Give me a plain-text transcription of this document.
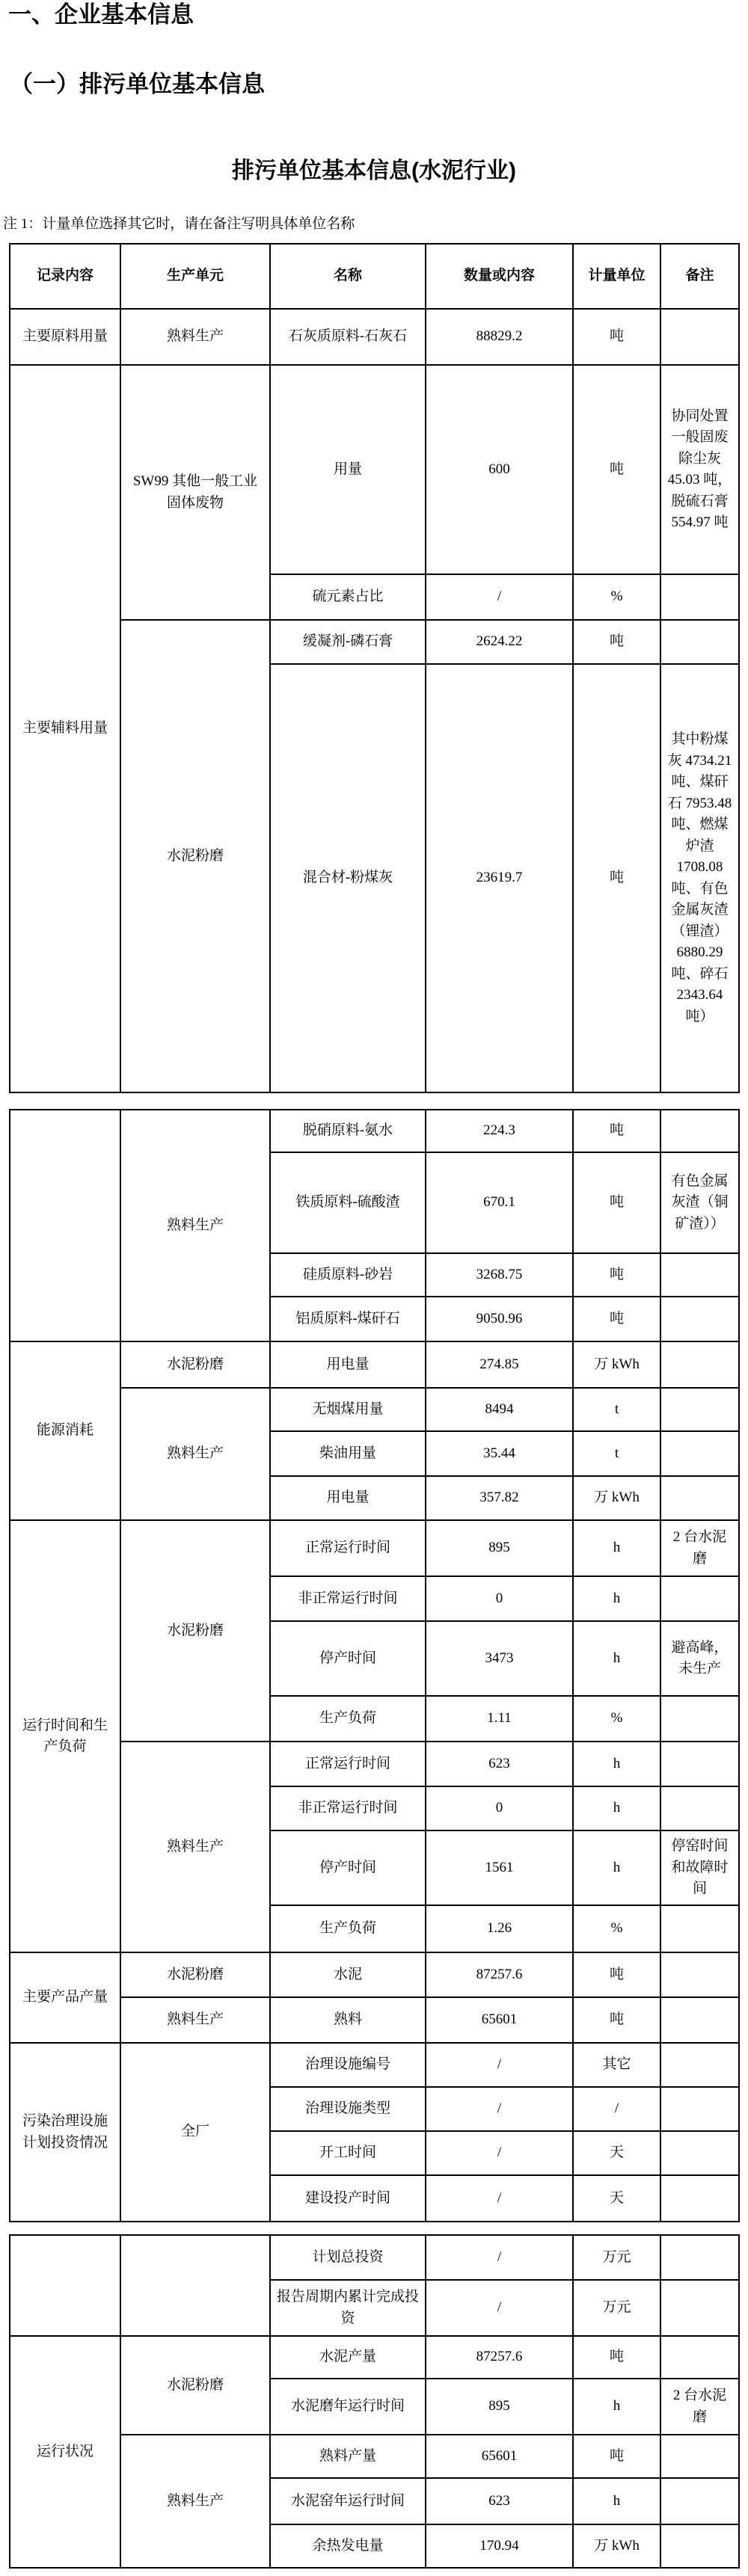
一、企业基本信息
（一）排污单位基本信息
排污单位基本信息(水泥行业)
注 1：计量单位选择其它时，请在备注写明具体单位名称
记录内容	生产单元	名称	数量或内容	计量单位	备注
主要原料用量	熟料生产	石灰质原料-石灰石	88829.2	吨	
主要辅料用量	SW99 其他一般工业固体废物	用量	600	吨	协同处置一般固废除尘灰 45.03 吨，脱硫石膏 554.97 吨
		硫元素占比	/	%	
	水泥粉磨	缓凝剂-磷石膏	2624.22	吨	
		混合材-粉煤灰	23619.7	吨	其中粉煤灰 4734.21 吨、煤矸石 7953.48 吨、燃煤炉渣 1708.08 吨、有色金属灰渣（锂渣）6880.29 吨、碎石 2343.64 吨）
	熟料生产	脱硝原料-氨水	224.3	吨	
		铁质原料-硫酸渣	670.1	吨	有色金属灰渣（铜矿渣））
		硅质原料-砂岩	3268.75	吨	
		铝质原料-煤矸石	9050.96	吨	
能源消耗	水泥粉磨	用电量	274.85	万 kWh	
	熟料生产	无烟煤用量	8494	t	
		柴油用量	35.44	t	
		用电量	357.82	万 kWh	
运行时间和生产负荷	水泥粉磨	正常运行时间	895	h	2 台水泥磨
		非正常运行时间	0	h	
		停产时间	3473	h	避高峰，未生产
		生产负荷	1.11	%	
	熟料生产	正常运行时间	623	h	
		非正常运行时间	0	h	
		停产时间	1561	h	停窑时间和故障时间
		生产负荷	1.26	%	
主要产品产量	水泥粉磨	水泥	87257.6	吨	
	熟料生产	熟料	65601	吨	
污染治理设施计划投资情况	全厂	治理设施编号	/	其它	
		治理设施类型	/	/	
		开工时间	/	天	
		建设投产时间	/	天	
		计划总投资	/	万元	
		报告周期内累计完成投资	/	万元	
运行状况	水泥粉磨	水泥产量	87257.6	吨	
		水泥磨年运行时间	895	h	2 台水泥磨
	熟料生产	熟料产量	65601	吨	
		水泥窑年运行时间	623	h	
		余热发电量	170.94	万 kWh	
